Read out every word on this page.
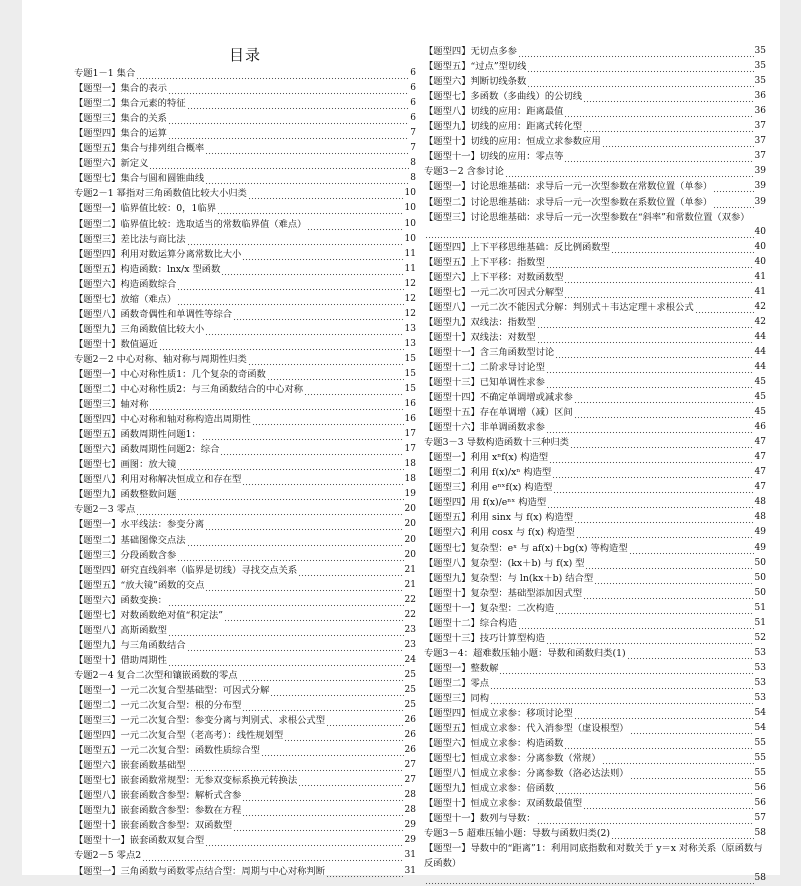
目录
专题1－1 集合	6
【题型一】集合的表示	6
【题型二】集合元素的特征	6
【题型三】集合的关系	6
【题型四】集合的运算	7
【题型五】集合与排列组合概率	7
【题型六】新定义	8
【题型七】集合与圆和圆锥曲线	8
专题2－1 幂指对三角函数值比较大小归类	10
【题型一】临界值比较：0，1临界	10
【题型二】临界值比较：选取适当的常数临界值（难点）	10
【题型三】差比法与商比法	10
【题型四】利用对数运算分离常数比大小	11
【题型五】构造函数：lnx/x 型函数	11
【题型六】构造函数综合	12
【题型七】放缩（难点）	12
【题型八】函数奇偶性和单调性等综合	12
【题型九】三角函数值比较大小	13
【题型十】数值逼近	13
专题2－2 中心对称、轴对称与周期性归类	15
【题型一】中心对称性质1：几个复杂的奇函数	15
【题型二】中心对称性质2：与三角函数结合的中心对称	15
【题型三】轴对称	16
【题型四】中心对称和轴对称构造出周期性	16
【题型五】函数周期性问题1：	17
【题型六】函数周期性问题2：综合	17
【题型七】画图：放大镜	18
【题型八】利用对称解决恒成立和存在型	18
【题型九】函数整数问题	19
专题2－3 零点	20
【题型一】水平线法：参变分离	20
【题型二】基础图像交点法	20
【题型三】分段函数含参	20
【题型四】研究直线斜率（临界是切线）寻找交点关系	21
【题型五】“放大镜”函数的交点	21
【题型六】函数变换：	22
【题型七】对数函数绝对值“积定法”	22
【题型八】高斯函数型	23
【题型九】与三角函数结合	23
【题型十】借助周期性	24
专题2－4 复合二次型和镶嵌函数的零点	25
【题型一】一元二次复合型基础型：可因式分解	25
【题型二】一元二次复合型：根的分布型	25
【题型三】一元二次复合型：参变分离与判别式、求根公式型	26
【题型四】一元二次复合型（老高考）：线性规划型	26
【题型五】一元二次复合型：函数性质综合型	26
【题型六】嵌套函数基础型	27
【题型七】嵌套函数常规型：无参双变标系换元转换法	27
【题型八】嵌套函数含参型：解析式含参	28
【题型九】嵌套函数含参型：参数在方程	28
【题型十】嵌套函数含参型：双函数型	29
【题型十一】嵌套函数双复合型	29
专题2－5 零点2	31
【题型一】三角函数与函数零点结合型：周期与中心对称判断	31
【题型四】无切点多参	35
【题型五】“过点”型切线	35
【题型六】判断切线条数	35
【题型七】多函数（多曲线）的公切线	36
【题型八】切线的应用：距离最值	36
【题型九】切线的应用：距离式转化型	37
【题型十】切线的应用：恒成立求参数应用	37
【题型十一】切线的应用：零点等	37
专题3－2 含参讨论	39
【题型一】讨论思维基础：求导后一元一次型参数在常数位置（单参）	39
【题型二】讨论思维基础：求导后一元一次型参数在系数位置（单参）	39
【题型三】讨论思维基础：求导后一元一次型参数在“斜率”和常数位置（双参）
40
【题型四】上下平移思维基础：反比例函数型	40
【题型五】上下平移：指数型	40
【题型六】上下平移：对数函数型	41
【题型七】一元二次可因式分解型	41
【题型八】一元二次不能因式分解：判别式＋韦达定理＋求根公式	42
【题型九】双线法：指数型	42
【题型十】双线法：对数型	44
【题型十一】含三角函数型讨论	44
【题型十二】二阶求导讨论型	44
【题型十三】已知单调性求参	45
【题型十四】不确定单调增或减求参	45
【题型十五】存在单调增（减）区间	45
【题型十六】非单调函数求参	46
专题3－3 导数构造函数十三种归类	47
【题型一】利用 xⁿf(x) 构造型	47
【题型二】利用 f(x)/xⁿ 构造型	47
【题型三】利用 eⁿˣf(x) 构造型	47
【题型四】用 f(x)/eⁿˣ 构造型	48
【题型五】利用 sinx 与 f(x) 构造型	48
【题型六】利用 cosx 与 f(x) 构造型	49
【题型七】复杂型：eˣ 与 af(x)＋bg(x) 等构造型	49
【题型八】复杂型：(kx＋b) 与 f(x) 型	50
【题型九】复杂型：与 ln(kx＋b) 结合型	50
【题型十】复杂型：基础型添加因式型	50
【题型十一】复杂型：二次构造	51
【题型十二】综合构造	51
【题型十三】技巧计算型构造	52
专题3－4：超难数压轴小题：导数和函数归类(1)	53
【题型一】整数解	53
【题型二】零点	53
【题型三】同构	53
【题型四】恒成立求参：移项讨论型	54
【题型五】恒成立求参：代入消参型（虚设根型）	54
【题型六】恒成立求参：构造函数	55
【题型七】恒成立求参：分离参数（常规）	55
【题型八】恒成立求参：分离参数（洛必达法则）	55
【题型九】恒成立求参：倍函数	56
【题型十】恒成立求参：双函数最值型	56
【题型十一】数列与导数：	57
专题3－5 超难压轴小题：导数与函数归类(2)	58
【题型一】导数中的“距离”1：利用同底指数和对数关于 y＝x 对称关系（原函数与反函数）
58
